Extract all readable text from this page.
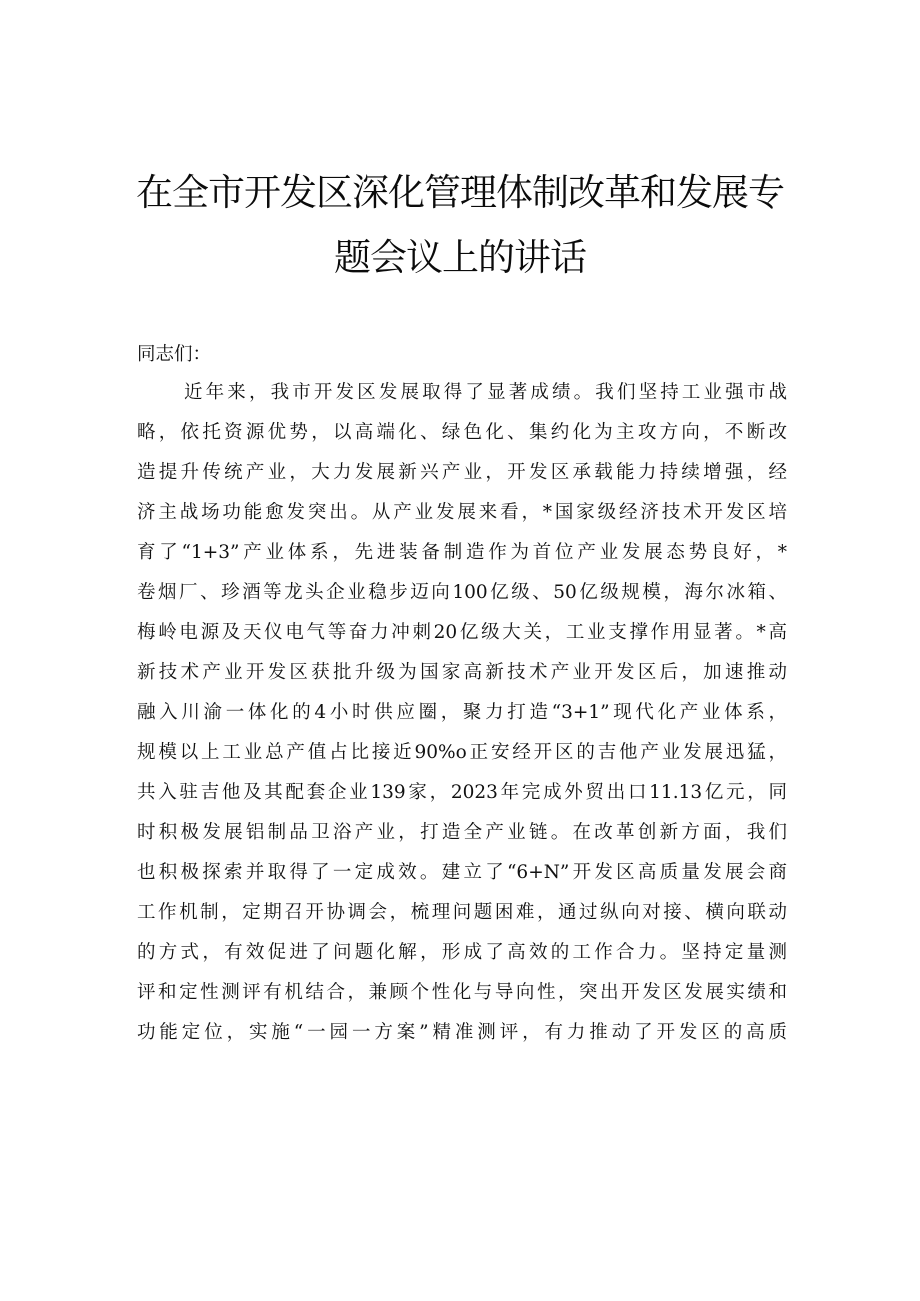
在全市开发区深化管理体制改革和发展专
题会议上的讲话

同志们：

近年来，我市开发区发展取得了显著成绩。我们坚持工业强市战

略，依托资源优势，以高端化、绿色化、集约化为主攻方向，不断改

造提升传统产业，大力发展新兴产业，开发区承载能力持续增强，经

济主战场功能愈发突出。从产业发展来看，*国家级经济技术开发区培

育了“1+3”产业体系，先进装备制造作为首位产业发展态势良好，*

卷烟厂、珍酒等龙头企业稳步迈向100亿级、50亿级规模，海尔冰箱、

梅岭电源及天仪电气等奋力冲刺20亿级大关，工业支撑作用显著。*高

新技术产业开发区获批升级为国家高新技术产业开发区后，加速推动

融入川渝一体化的4小时供应圈，聚力打造“3+1”现代化产业体系，

规模以上工业总产值占比接近90%o正安经开区的吉他产业发展迅猛，

共入驻吉他及其配套企业139家，2023年完成外贸出口11.13亿元，同

时积极发展铝制品卫浴产业，打造全产业链。在改革创新方面，我们

也积极探索并取得了一定成效。建立了“6+N”开发区高质量发展会商

工作机制，定期召开协调会，梳理问题困难，通过纵向对接、横向联动

的方式，有效促进了问题化解，形成了高效的工作合力。坚持定量测

评和定性测评有机结合，兼顾个性化与导向性，突出开发区发展实绩和

功能定位，实施“一园一方案”精准测评，有力推动了开发区的高质
